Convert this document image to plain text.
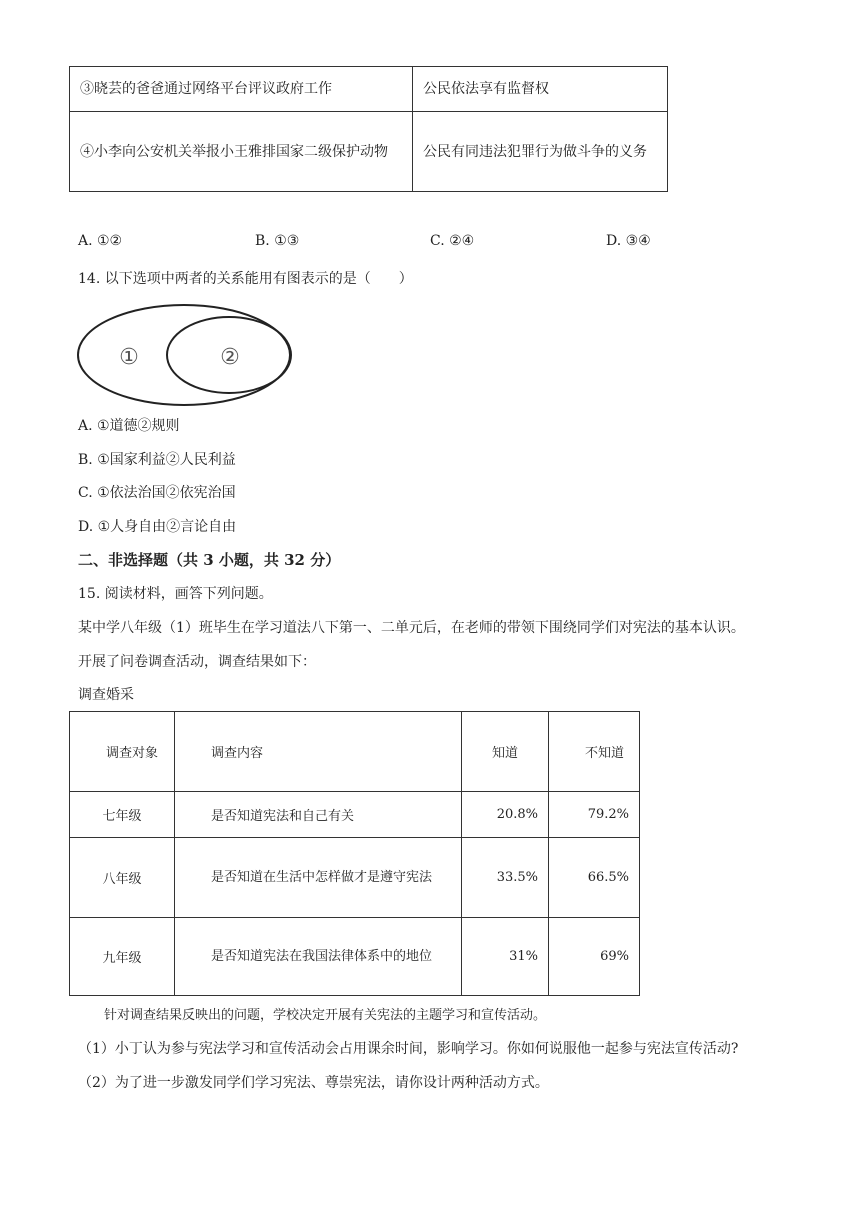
③晓芸的爸爸通过网络平台评议政府工作	公民依法享有监督权
④小李向公安机关举报小王雅排国家二级保护动物	公民有同违法犯罪行为做斗争的义务
A. ①②	B. ①③	C. ②④	D. ③④
14. 以下选项中两者的关系能用有图表示的是（　　）
①	②
A. ①道德②规则
B. ①国家利益②人民利益
C. ①依法治国②依宪治国
D. ①人身自由②言论自由
二、非选择题（共 3 小题，共 32 分）
15. 阅读材料，画答下列问题。
某中学八年级（1）班毕生在学习道法八下第一、二单元后，在老师的带领下围绕同学们对宪法的基本认识。
开展了问卷调查活动，调查结果如下：
调查婚采
调查对象	调查内容	知道	不知道
七年级	是否知道宪法和自己有关	20.8%	79.2%
八年级	是否知道在生活中怎样做才是遵守宪法	33.5%	66.5%
九年级	是否知道宪法在我国法律体系中的地位	31%	69%
针对调查结果反映出的问题，学校决定开展有关宪法的主题学习和宣传活动。
（1）小丁认为参与宪法学习和宣传活动会占用课余时间，影响学习。你如何说服他一起参与宪法宣传活动?
（2）为了进一步激发同学们学习宪法、尊崇宪法，请你设计两种活动方式。
